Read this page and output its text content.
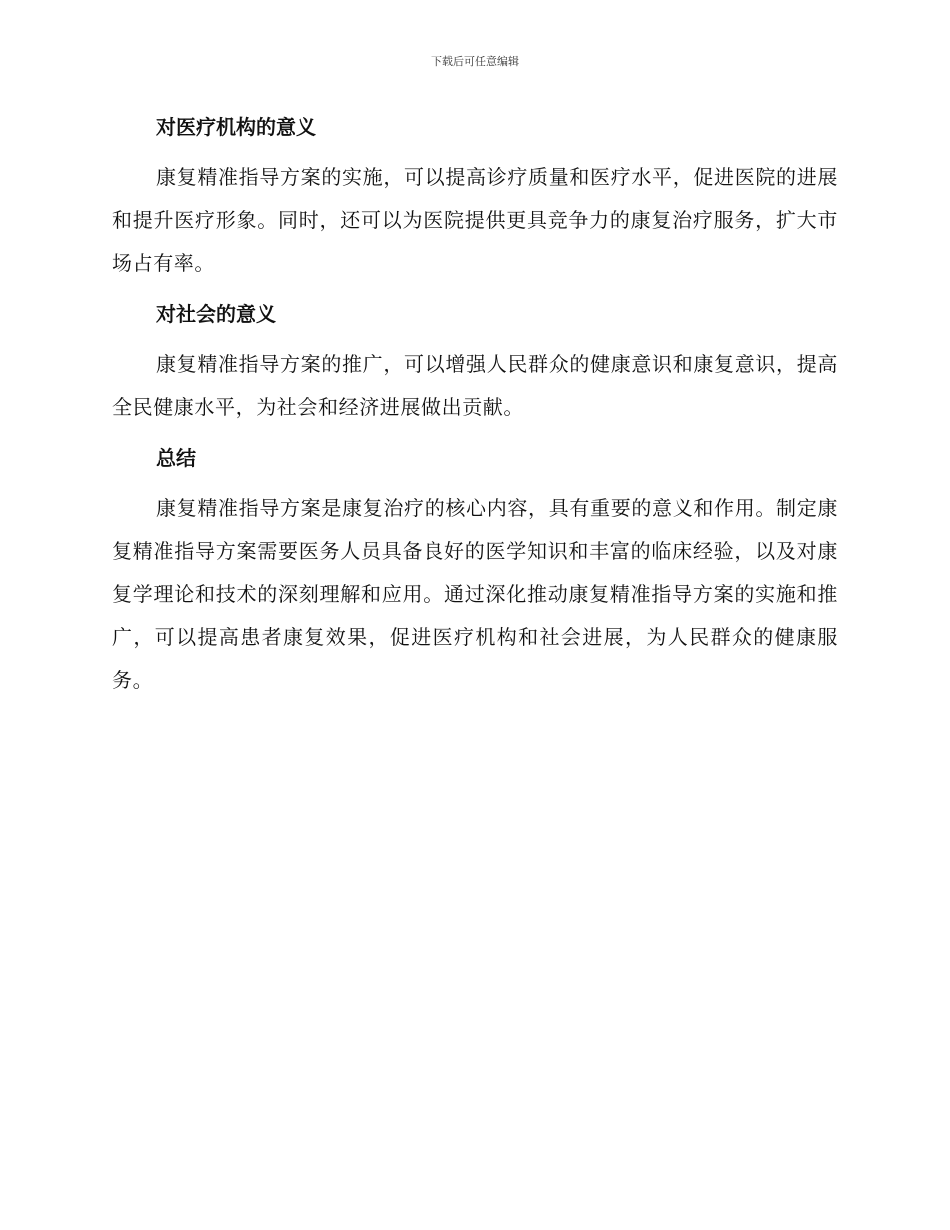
下载后可任意编辑
对医疗机构的意义

康复精准指导方案的实施，可以提高诊疗质量和医疗水平，促进医院的进展和提升医疗形象。同时，还可以为医院提供更具竞争力的康复治疗服务，扩大市场占有率。

对社会的意义

康复精准指导方案的推广，可以增强人民群众的健康意识和康复意识，提高全民健康水平，为社会和经济进展做出贡献。

总结

康复精准指导方案是康复治疗的核心内容，具有重要的意义和作用。制定康复精准指导方案需要医务人员具备良好的医学知识和丰富的临床经验，以及对康复学理论和技术的深刻理解和应用。通过深化推动康复精准指导方案的实施和推广，可以提高患者康复效果，促进医疗机构和社会进展，为人民群众的健康服务。
